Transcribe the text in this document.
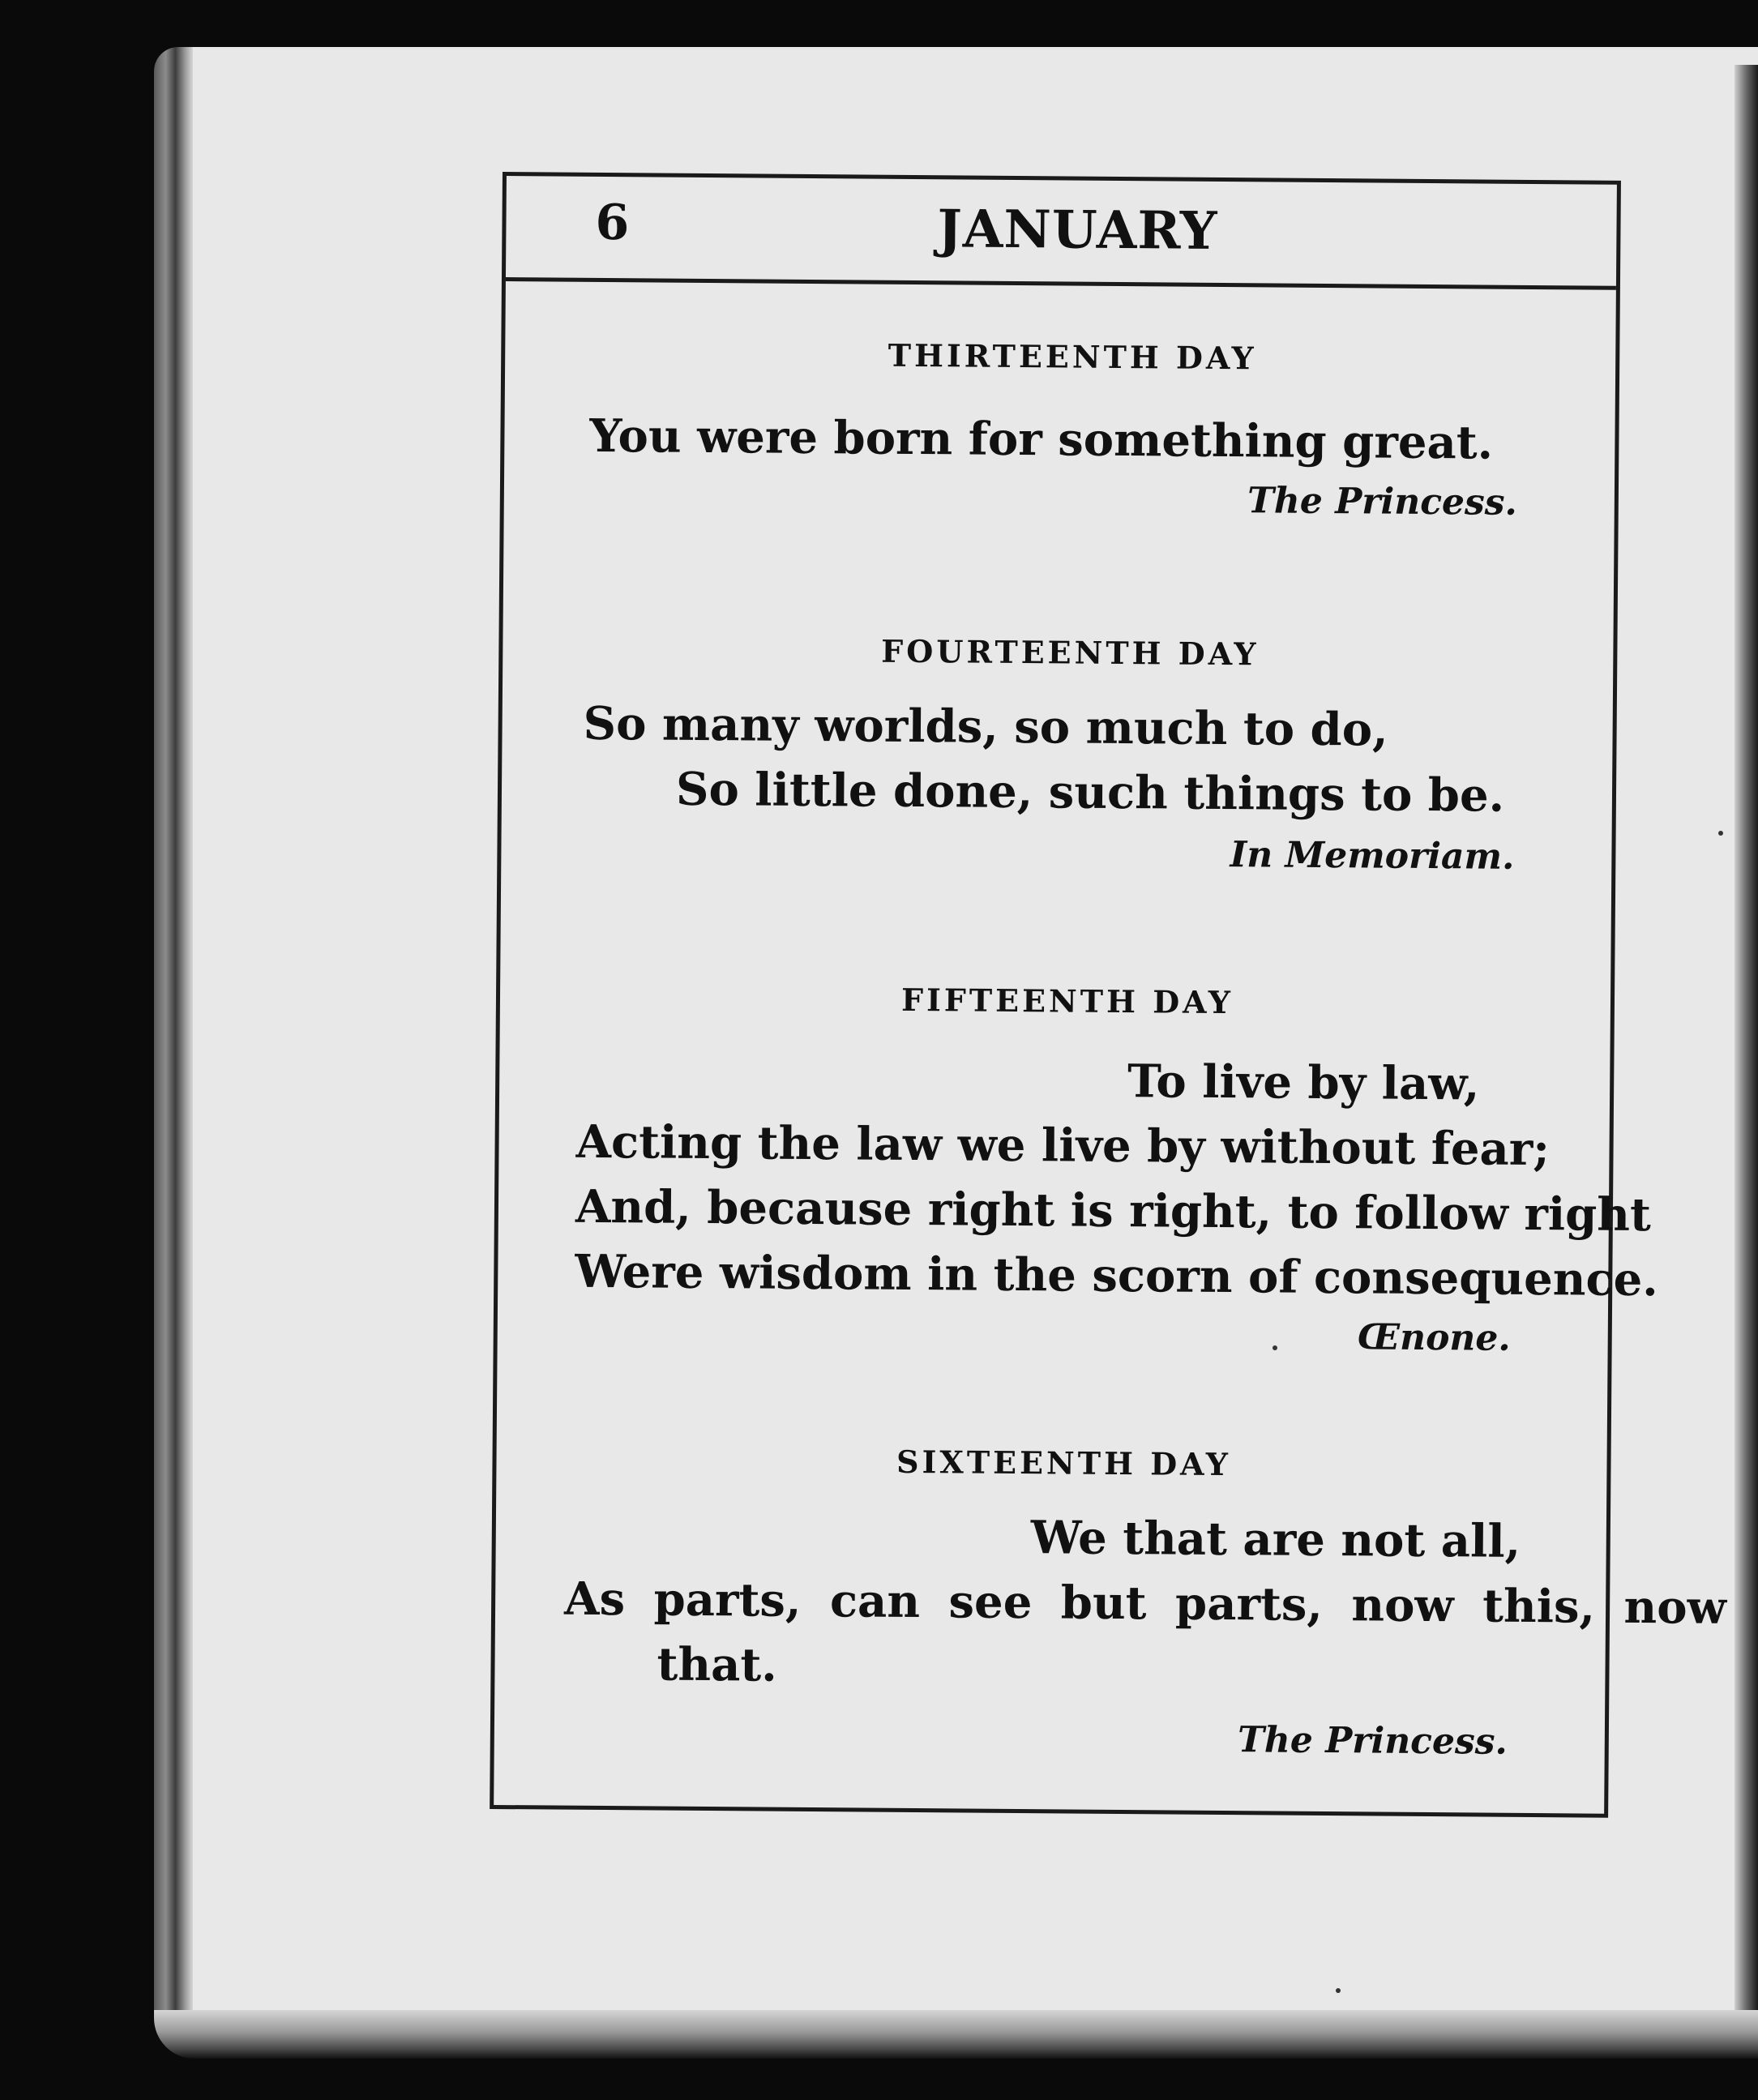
6	JANUARY
THIRTEENTH DAY
You were born for something great.
The Princess.
FOURTEENTH DAY
So many worlds, so much to do,
So little done, such things to be.
In Memoriam.
FIFTEENTH DAY
To live by law,
Acting the law we live by without fear;
And, because right is right, to follow right
Were wisdom in the scorn of consequence.
Œnone.
SIXTEENTH DAY
We that are not all,
As parts, can see but parts, now this, now
that.
The Princess.
